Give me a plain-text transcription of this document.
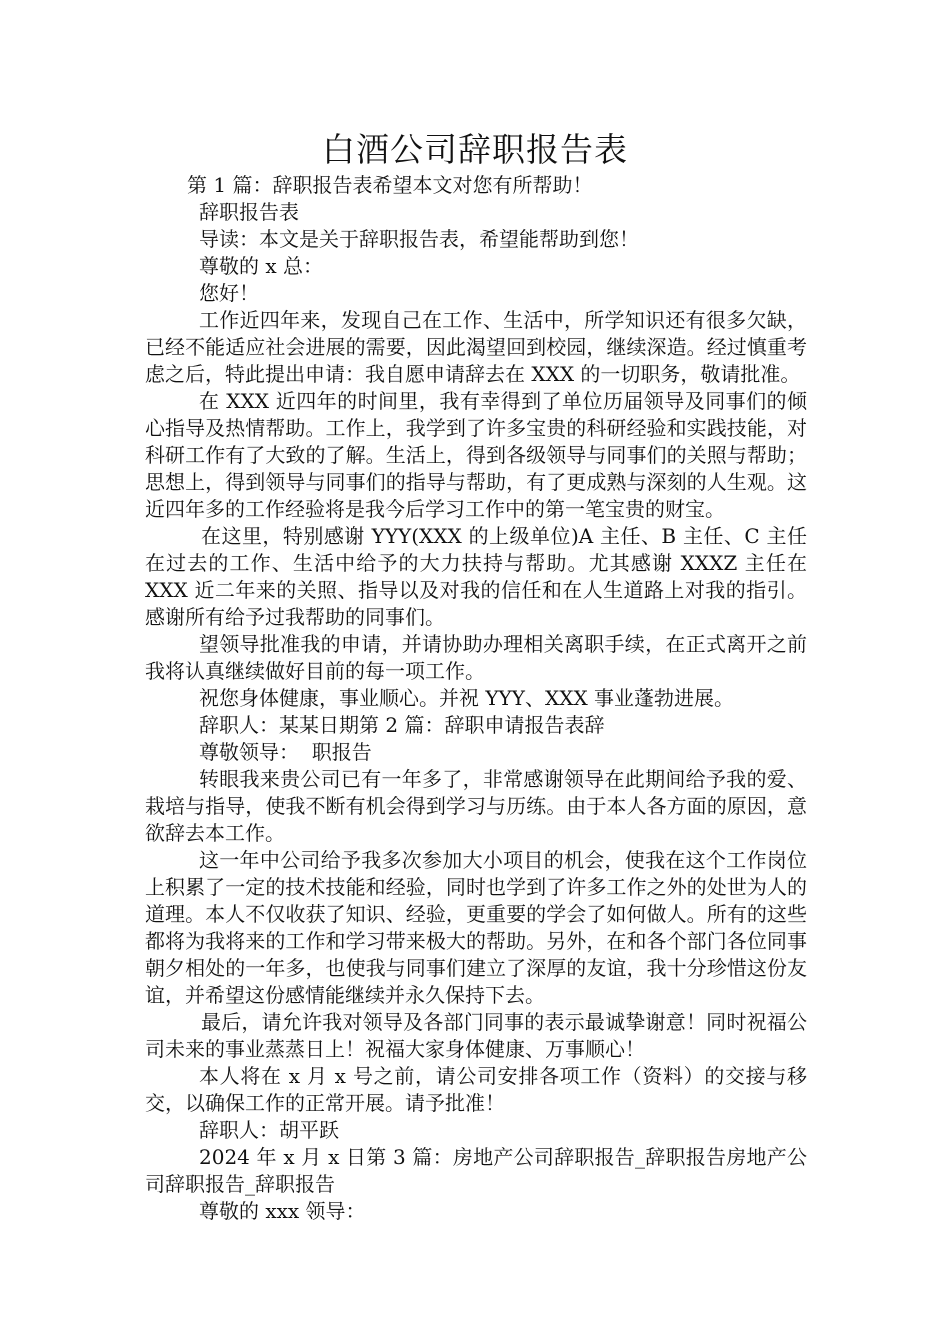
白酒公司辞职报告表

第 1 篇：辞职报告表希望本文对您有所帮助！

辞职报告表

导读：本文是关于辞职报告表，希望能帮助到您！

尊敬的 x 总：

您好！

工作近四年来，发现自己在工作、生活中，所学知识还有很多欠缺，已经不能适应社会进展的需要，因此渴望回到校园，继续深造。经过慎重考虑之后，特此提出申请：我自愿申请辞去在 XXX 的一切职务，敬请批准。

在 XXX 近四年的时间里，我有幸得到了单位历届领导及同事们的倾心指导及热情帮助。工作上，我学到了许多宝贵的科研经验和实践技能，对科研工作有了大致的了解。生活上，得到各级领导与同事们的关照与帮助；思想上，得到领导与同事们的指导与帮助，有了更成熟与深刻的人生观。这近四年多的工作经验将是我今后学习工作中的第一笔宝贵的财宝。

在这里，特别感谢 YYY(XXX 的上级单位)A 主任、B 主任、C 主任在过去的工作、生活中给予的大力扶持与帮助。尤其感谢 XXXZ 主任在 XXX 近二年来的关照、指导以及对我的信任和在人生道路上对我的指引。感谢所有给予过我帮助的同事们。

望领导批准我的申请，并请协助办理相关离职手续，在正式离开之前我将认真继续做好目前的每一项工作。

祝您身体健康，事业顺心。并祝 YYY、XXX 事业蓬勃进展。

辞职人：某某日期第 2 篇：辞职申请报告表辞

尊敬领导：  职报告

转眼我来贵公司已有一年多了，非常感谢领导在此期间给予我的爱、栽培与指导，使我不断有机会得到学习与历练。由于本人各方面的原因，意欲辞去本工作。

这一年中公司给予我多次参加大小项目的机会，使我在这个工作岗位上积累了一定的技术技能和经验，同时也学到了许多工作之外的处世为人的道理。本人不仅收获了知识、经验，更重要的学会了如何做人。所有的这些都将为我将来的工作和学习带来极大的帮助。另外，在和各个部门各位同事朝夕相处的一年多，也使我与同事们建立了深厚的友谊，我十分珍惜这份友谊，并希望这份感情能继续并永久保持下去。

最后，请允许我对领导及各部门同事的表示最诚挚谢意！同时祝福公司未来的事业蒸蒸日上！祝福大家身体健康、万事顺心！

本人将在 x 月 x 号之前，请公司安排各项工作（资料）的交接与移交，以确保工作的正常开展。请予批准！

辞职人：胡平跃

2024 年 x 月 x 日第 3 篇：房地产公司辞职报告_辞职报告房地产公司辞职报告_辞职报告

尊敬的 xxx 领导：
